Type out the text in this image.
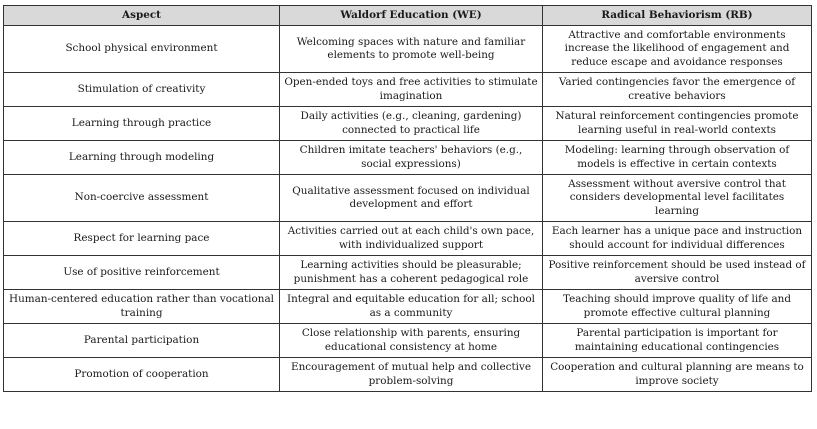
Aspect	Waldorf Education (WE)	Radical Behaviorism (RB)
School physical environment	Welcoming spaces with nature and familiar elements to promote well-being	Attractive and comfortable environments increase the likelihood of engagement and reduce escape and avoidance responses
Stimulation of creativity	Open-ended toys and free activities to stimulate imagination	Varied contingencies favor the emergence of creative behaviors
Learning through practice	Daily activities (e.g., cleaning, gardening) connected to practical life	Natural reinforcement contingencies promote learning useful in real-world contexts
Learning through modeling	Children imitate teachers' behaviors (e.g., social expressions)	Modeling: learning through observation of models is effective in certain contexts
Non-coercive assessment	Qualitative assessment focused on individual development and effort	Assessment without aversive control that considers developmental level facilitates learning
Respect for learning pace	Activities carried out at each child's own pace, with individualized support	Each learner has a unique pace and instruction should account for individual differences
Use of positive reinforcement	Learning activities should be pleasurable; punishment has a coherent pedagogical role	Positive reinforcement should be used instead of aversive control
Human-centered education rather than vocational training	Integral and equitable education for all; school as a community	Teaching should improve quality of life and promote effective cultural planning
Parental participation	Close relationship with parents, ensuring educational consistency at home	Parental participation is important for maintaining educational contingencies
Promotion of cooperation	Encouragement of mutual help and collective problem-solving	Cooperation and cultural planning are means to improve society
